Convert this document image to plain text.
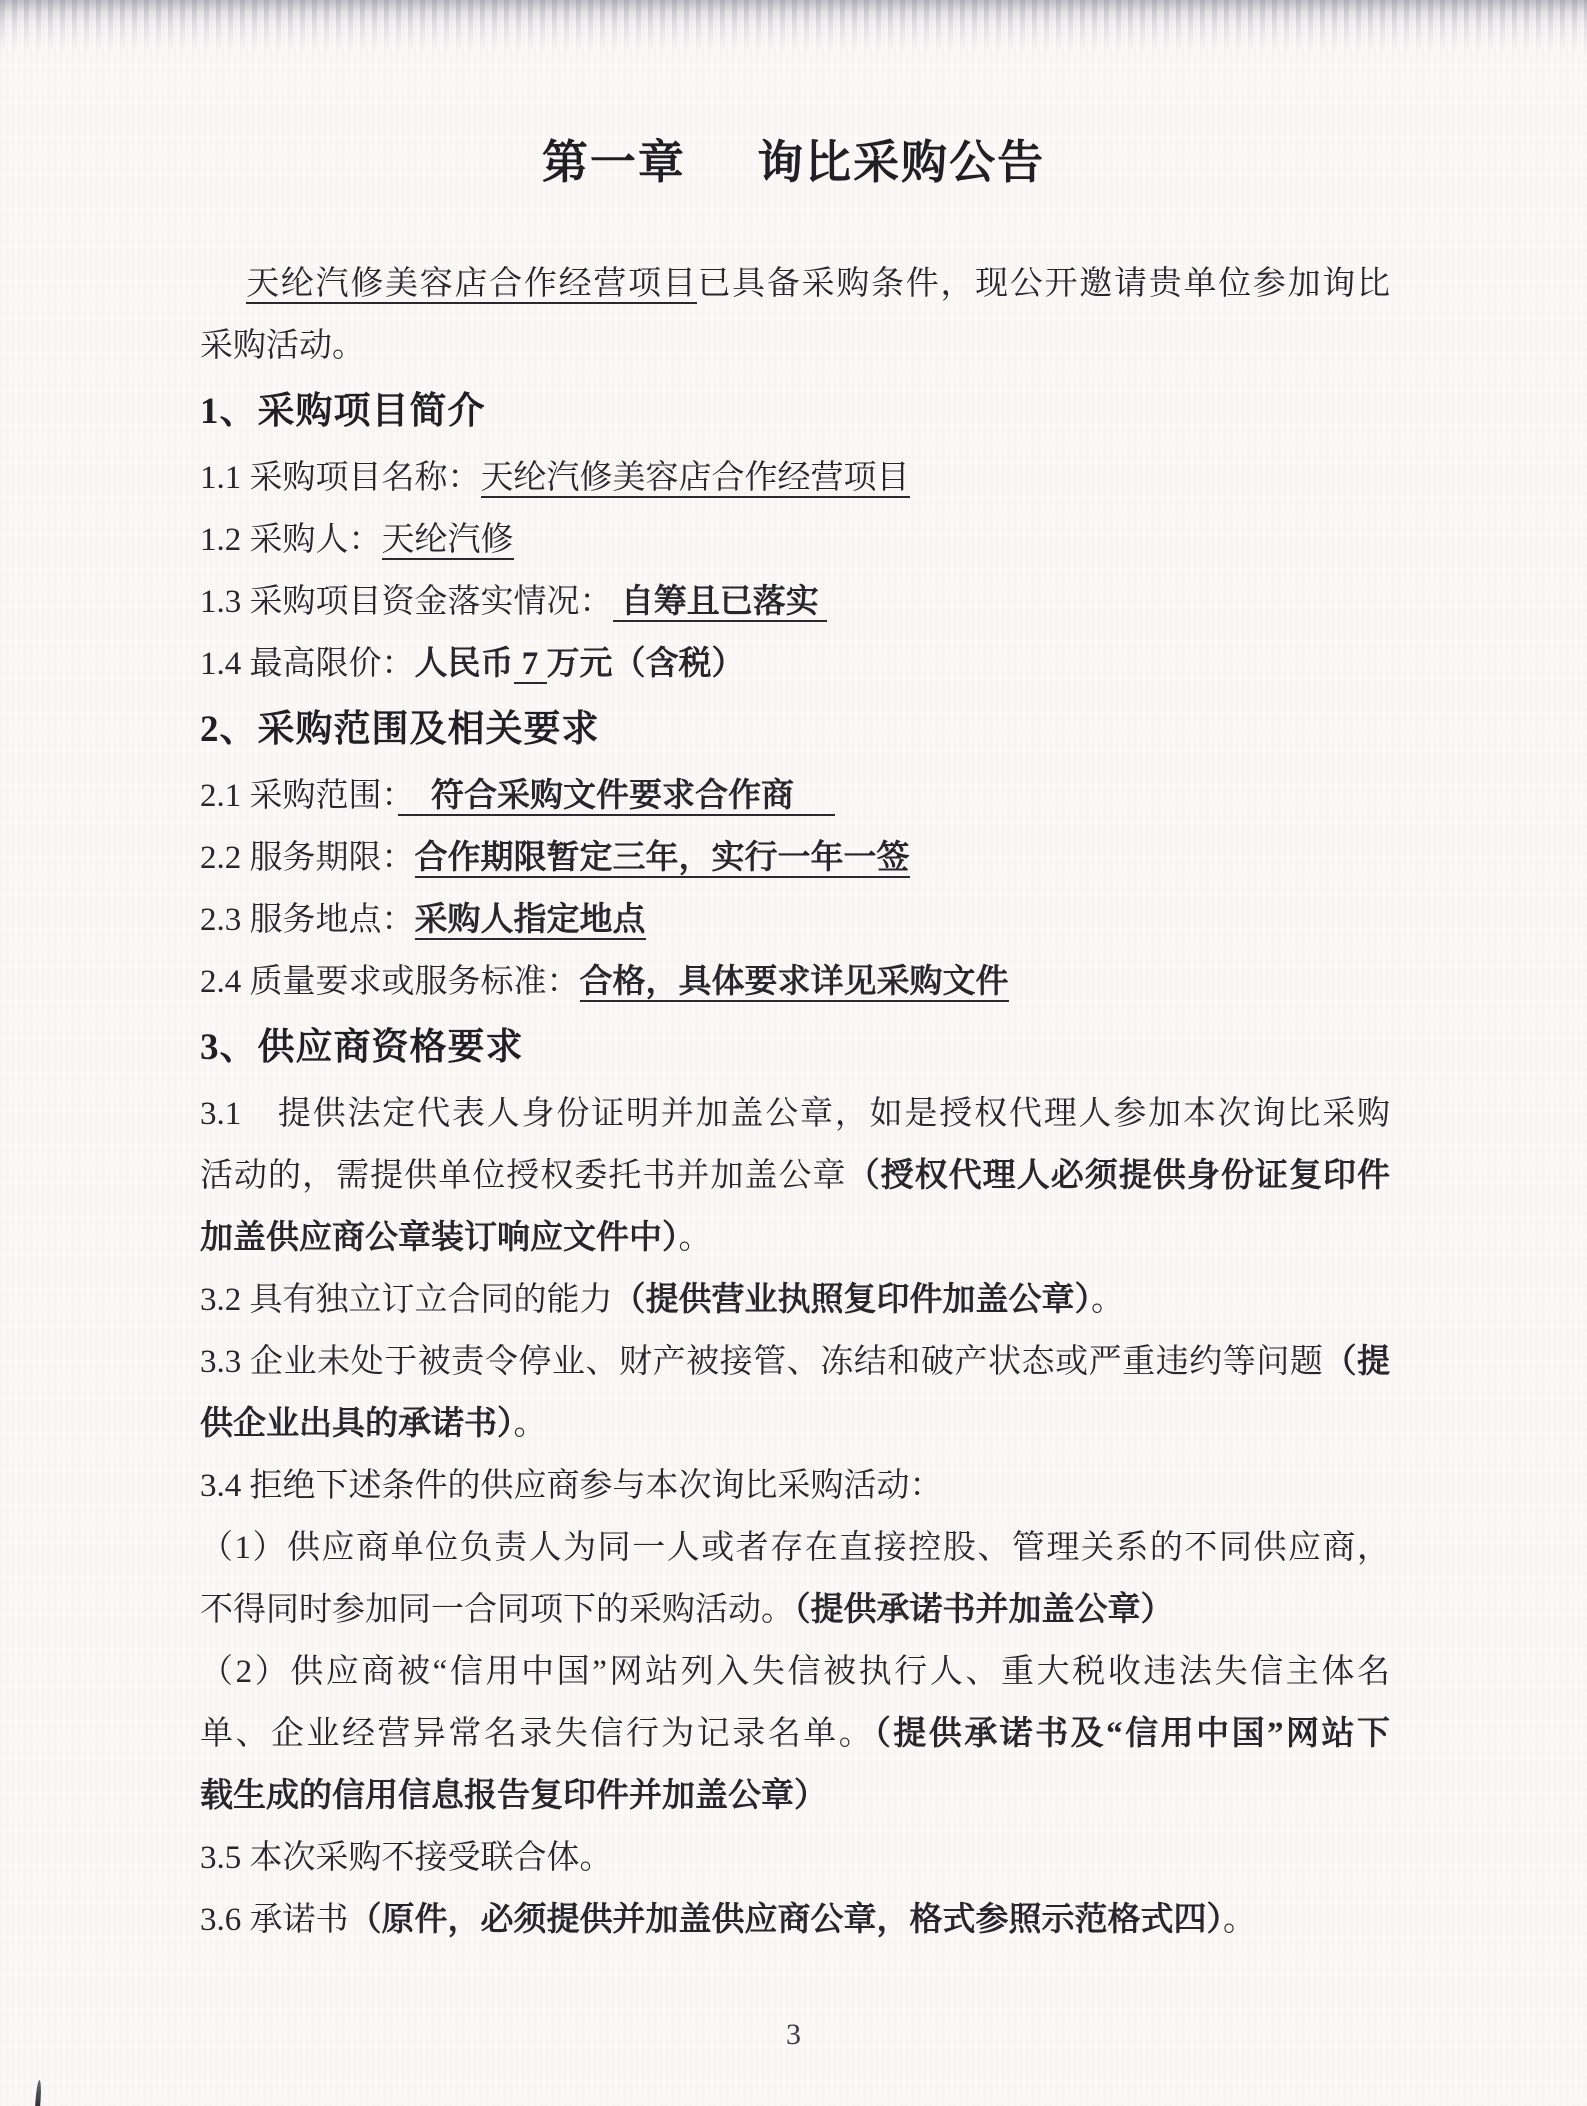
第一章 询比采购公告
天纶汽修美容店合作经营项目已具备采购条件，现公开邀请贵单位参加询比
采购活动。
1、采购项目简介
1.1 采购项目名称：天纶汽修美容店合作经营项目
1.2 采购人：天纶汽修
1.3 采购项目资金落实情况： 自筹且已落实
1.4 最高限价：人民币 7 万元（含税）
2、采购范围及相关要求
2.1 采购范围：　符合采购文件要求合作商　
2.2 服务期限：合作期限暂定三年，实行一年一签
2.3 服务地点：采购人指定地点
2.4 质量要求或服务标准：合格，具体要求详见采购文件
3、供应商资格要求
3.1　提供法定代表人身份证明并加盖公章，如是授权代理人参加本次询比采购
活动的，需提供单位授权委托书并加盖公章（授权代理人必须提供身份证复印件
加盖供应商公章装订响应文件中）。
3.2 具有独立订立合同的能力（提供营业执照复印件加盖公章）。
3.3 企业未处于被责令停业、财产被接管、冻结和破产状态或严重违约等问题（提
供企业出具的承诺书）。
3.4 拒绝下述条件的供应商参与本次询比采购活动：
（1）供应商单位负责人为同一人或者存在直接控股、管理关系的不同供应商，
不得同时参加同一合同项下的采购活动。（提供承诺书并加盖公章）
（2）供应商被“信用中国”网站列入失信被执行人、重大税收违法失信主体名
单、企业经营异常名录失信行为记录名单。（提供承诺书及“信用中国”网站下
载生成的信用信息报告复印件并加盖公章）
3.5 本次采购不接受联合体。
3.6 承诺书（原件，必须提供并加盖供应商公章，格式参照示范格式四）。
3
